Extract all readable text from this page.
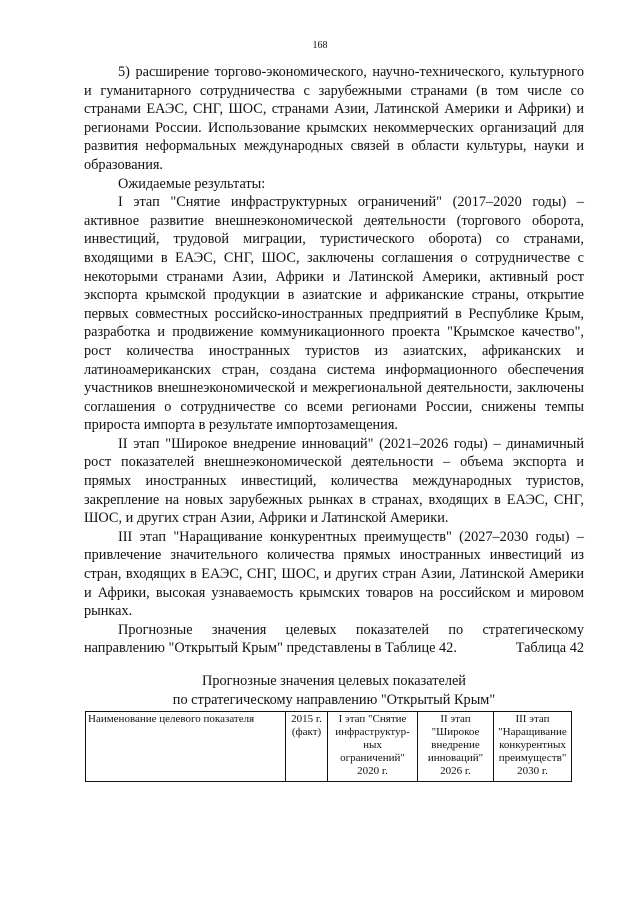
168

5) расширение торгово-экономического, научно-технического, культурного и гуманитарного сотрудничества с зарубежными странами (в том числе со странами ЕАЭС, СНГ, ШОС, странами Азии, Латинской Америки и Африки) и регионами России. Использование крымских некоммерческих организаций для развития неформальных международных связей в области культуры, науки и образования.

Ожидаемые результаты:

I этап "Снятие инфраструктурных ограничений" (2017–2020 годы) – активное развитие внешнеэкономической деятельности (торгового оборота, инвестиций, трудовой миграции, туристического оборота) со странами, входящими в ЕАЭС, СНГ, ШОС, заключены соглашения о сотрудничестве с некоторыми странами Азии, Африки и Латинской Америки, активный рост экспорта крымской продукции в азиатские и африканские страны, открытие первых совместных российско-иностранных предприятий в Республике Крым, разработка и продвижение коммуникационного проекта "Крымское качество", рост количества иностранных туристов из азиатских, африканских и латиноамериканских стран, создана система информационного обеспечения участников внешнеэкономической и межрегиональной деятельности, заключены соглашения о сотрудничестве со всеми регионами России, снижены темпы прироста импорта в результате импортозамещения.

II этап "Широкое внедрение инноваций" (2021–2026 годы) – динамичный рост показателей внешнеэкономической деятельности – объема экспорта и прямых иностранных инвестиций, количества международных туристов, закрепление на новых зарубежных рынках в странах, входящих в ЕАЭС, СНГ, ШОС, и других стран Азии, Африки и Латинской Америки.

III этап "Наращивание конкурентных преимуществ" (2027–2030 годы) – привлечение значительного количества прямых иностранных инвестиций из стран, входящих в ЕАЭС, СНГ, ШОС, и других стран Азии, Латинской Америки и Африки, высокая узнаваемость крымских товаров на российском и мировом рынках.

Прогнозные значения целевых показателей по стратегическому направлению "Открытый Крым" представлены в Таблице 42.	Таблица 42
Прогнозные значения целевых показателей
по стратегическому направлению "Открытый Крым"
Наименование целевого показателя	2015 г. (факт)	I этап "Снятие инфраструктур-ных ограничений" 2020 г.	II этап "Широкое внедрение инноваций" 2026 г.	III этап "Наращивание конкурентных преимуществ" 2030 г.
